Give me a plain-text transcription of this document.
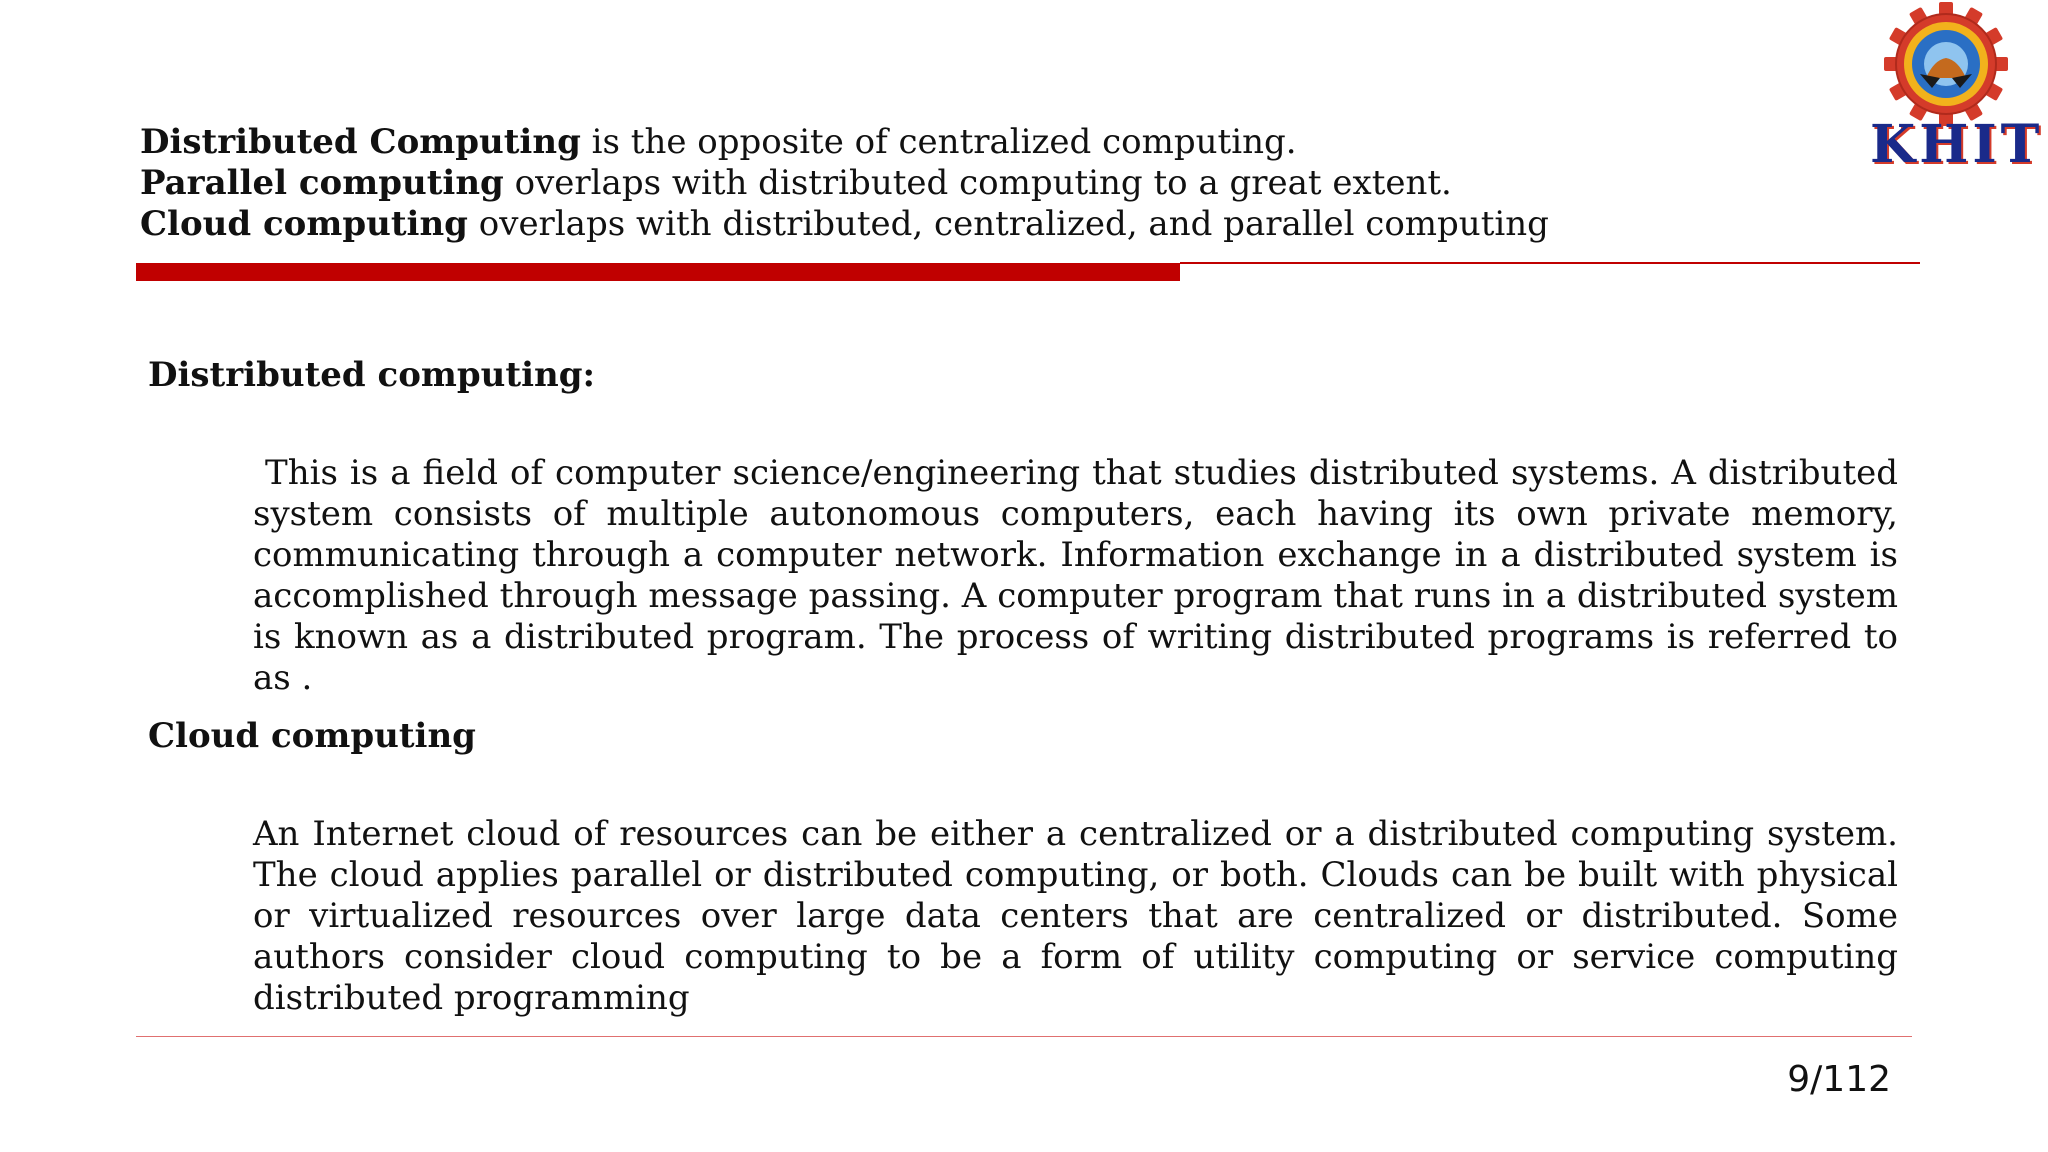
Distributed Computing is the opposite of centralized computing.
Parallel computing overlaps with distributed computing to a great extent.
Cloud computing overlaps with distributed, centralized, and parallel computing
KHIT
Distributed computing:
This is a field of computer science/engineering that studies distributed systems. A distributed system consists of multiple autonomous computers, each having its own private memory, communicating through a computer network. Information exchange in a distributed system is accomplished through message passing. A computer program that runs in a distributed system is known as a distributed program. The process of writing distributed programs is referred to as .
Cloud computing
An Internet cloud of resources can be either a centralized or a distributed computing system. The cloud applies parallel or distributed computing, or both. Clouds can be built with physical or virtualized resources over large data centers that are centralized or distributed. Some authors consider cloud computing to be a form of utility computing or service computing distributed programming
9/112
